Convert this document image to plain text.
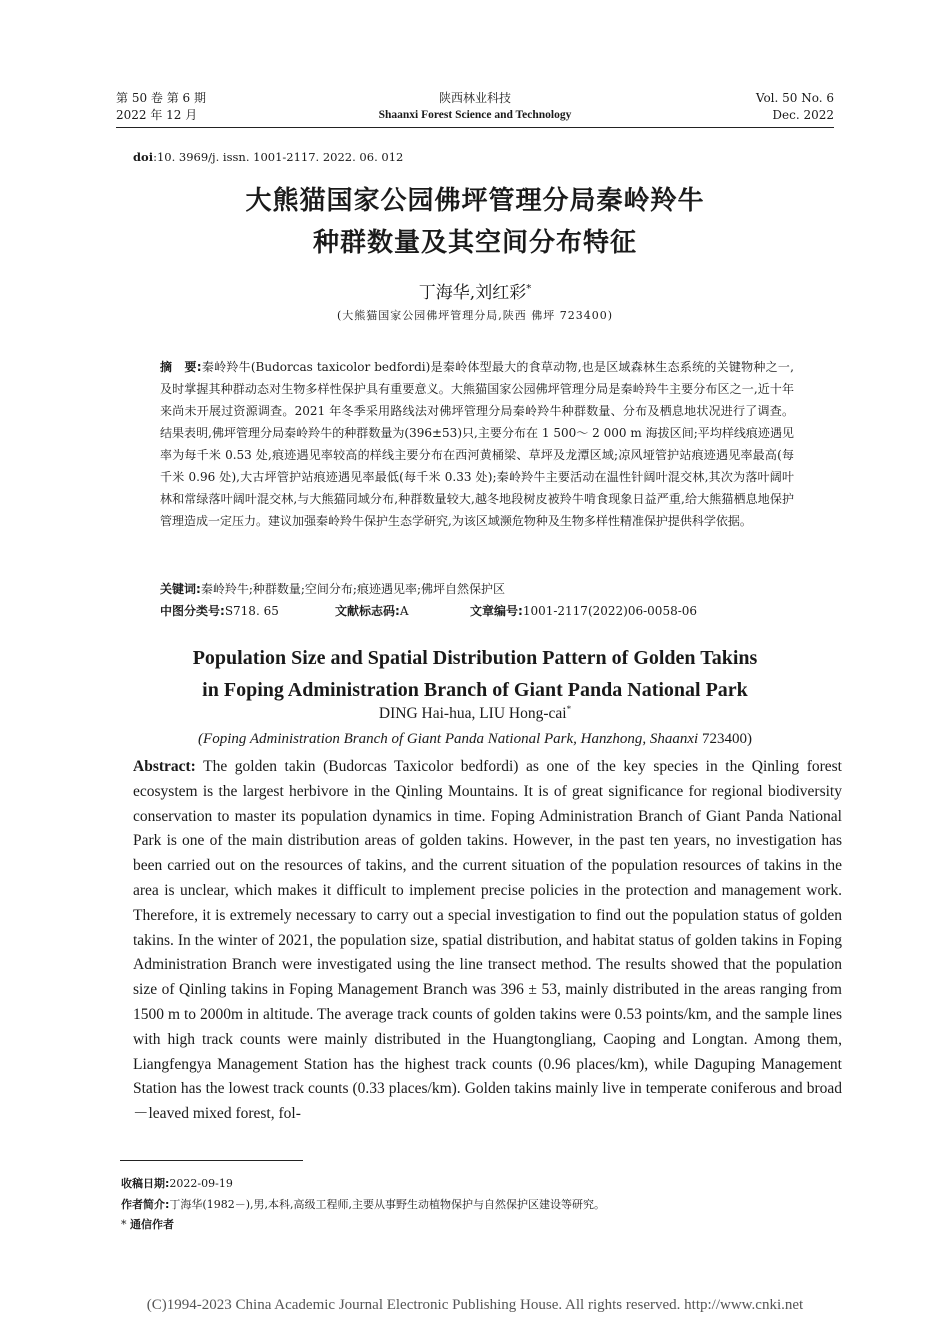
第 50 卷 第 6 期
2022 年 12 月
陕西林业科技
Shaanxi Forest Science and Technology
Vol. 50 No. 6
Dec. 2022
doi:10. 3969/j. issn. 1001-2117. 2022. 06. 012
大熊猫国家公园佛坪管理分局秦岭羚牛
种群数量及其空间分布特征
丁海华,刘红彩*
(大熊猫国家公园佛坪管理分局,陕西 佛坪 723400)
摘　要:秦岭羚牛(Budorcas taxicolor bedfordi)是秦岭体型最大的食草动物,也是区域森林生态系统的关键物种之一,及时掌握其种群动态对生物多样性保护具有重要意义。大熊猫国家公园佛坪管理分局是秦岭羚牛主要分布区之一,近十年来尚未开展过资源调查。2021 年冬季采用路线法对佛坪管理分局秦岭羚牛种群数量、分布及栖息地状况进行了调查。结果表明,佛坪管理分局秦岭羚牛的种群数量为(396±53)只,主要分布在 1 500～ 2 000 m 海拔区间;平均样线痕迹遇见率为每千米 0.53 处,痕迹遇见率较高的样线主要分布在西河黄桶梁、草坪及龙潭区域;凉风垭管护站痕迹遇见率最高(每千米 0.96 处),大古坪管护站痕迹遇见率最低(每千米 0.33 处);秦岭羚牛主要活动在温性针阔叶混交林,其次为落叶阔叶林和常绿落叶阔叶混交林,与大熊猫同域分布,种群数量较大,越冬地段树皮被羚牛啃食现象日益严重,给大熊猫栖息地保护管理造成一定压力。建议加强秦岭羚牛保护生态学研究,为该区域濒危物种及生物多样性精准保护提供科学依据。
关键词:秦岭羚牛;种群数量;空间分布;痕迹遇见率;佛坪自然保护区
中图分类号:S718. 65	文献标志码:A	文章编号:1001-2117(2022)06-0058-06
Population Size and Spatial Distribution Pattern of Golden Takins
in Foping Administration Branch of Giant Panda National Park
DING Hai-hua, LIU Hong-cai*
(Foping Administration Branch of Giant Panda National Park, Hanzhong, Shaanxi 723400)
Abstract: The golden takin (Budorcas Taxicolor bedfordi) as one of the key species in the Qinling forest ecosystem is the largest herbivore in the Qinling Mountains. It is of great significance for regional biodiversity conservation to master its population dynamics in time. Foping Administration Branch of Giant Panda National Park is one of the main distribution areas of golden takins. However, in the past ten years, no investigation has been carried out on the resources of takins, and the current situation of the population resources of takins in the area is unclear, which makes it difficult to implement precise policies in the protection and management work. Therefore, it is extremely necessary to carry out a special investigation to find out the population status of golden takins. In the winter of 2021, the population size, spatial distribution, and habitat status of golden takins in Foping Administration Branch were investigated using the line transect method. The results showed that the population size of Qinling takins in Foping Management Branch was 396 ± 53, mainly distributed in the areas ranging from 1500 m to 2000m in altitude. The average track counts of golden takins were 0.53 points/km, and the sample lines with high track counts were mainly distributed in the Huangtongliang, Caoping and Longtan. Among them, Liangfengya Management Station has the highest track counts (0.96 places/km), while Daguping Management Station has the lowest track counts (0.33 places/km). Golden takins mainly live in temperate coniferous and broad－leaved mixed forest, fol-
收稿日期:2022-09-19
作者简介:丁海华(1982－),男,本科,高级工程师,主要从事野生动植物保护与自然保护区建设等研究。
* 通信作者
(C)1994-2023 China Academic Journal Electronic Publishing House. All rights reserved. http://www.cnki.net
